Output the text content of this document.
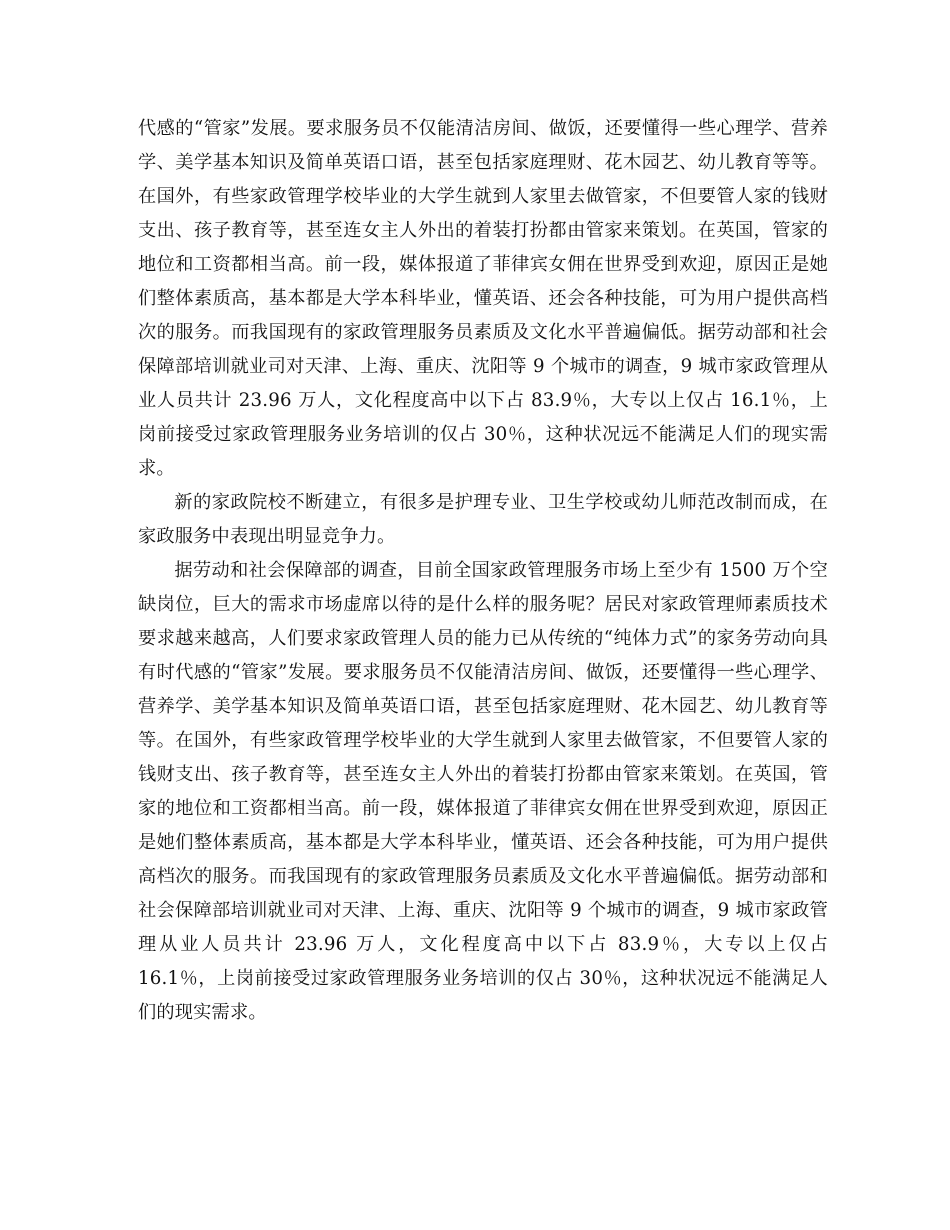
代感的“管家”发展。要求服务员不仅能清洁房间、做饭，还要懂得一些心理学、营养学、美学基本知识及简单英语口语，甚至包括家庭理财、花木园艺、幼儿教育等等。在国外，有些家政管理学校毕业的大学生就到人家里去做管家，不但要管人家的钱财支出、孩子教育等，甚至连女主人外出的着装打扮都由管家来策划。在英国，管家的地位和工资都相当高。前一段，媒体报道了菲律宾女佣在世界受到欢迎，原因正是她们整体素质高，基本都是大学本科毕业，懂英语、还会各种技能，可为用户提供高档次的服务。而我国现有的家政管理服务员素质及文化水平普遍偏低。据劳动部和社会保障部培训就业司对天津、上海、重庆、沈阳等 9 个城市的调查，9 城市家政管理从业人员共计 23.96 万人，文化程度高中以下占 83.9％，大专以上仅占 16.1％，上岗前接受过家政管理服务业务培训的仅占 30％，这种状况远不能满足人们的现实需求。

新的家政院校不断建立，有很多是护理专业、卫生学校或幼儿师范改制而成，在家政服务中表现出明显竞争力。

据劳动和社会保障部的调查，目前全国家政管理服务市场上至少有 1500 万个空缺岗位，巨大的需求市场虚席以待的是什么样的服务呢？居民对家政管理师素质技术要求越来越高，人们要求家政管理人员的能力已从传统的“纯体力式”的家务劳动向具有时代感的“管家”发展。要求服务员不仅能清洁房间、做饭，还要懂得一些心理学、营养学、美学基本知识及简单英语口语，甚至包括家庭理财、花木园艺、幼儿教育等等。在国外，有些家政管理学校毕业的大学生就到人家里去做管家，不但要管人家的钱财支出、孩子教育等，甚至连女主人外出的着装打扮都由管家来策划。在英国，管家的地位和工资都相当高。前一段，媒体报道了菲律宾女佣在世界受到欢迎，原因正是她们整体素质高，基本都是大学本科毕业，懂英语、还会各种技能，可为用户提供高档次的服务。而我国现有的家政管理服务员素质及文化水平普遍偏低。据劳动部和社会保障部培训就业司对天津、上海、重庆、沈阳等 9 个城市的调查，9 城市家政管理从业人员共计 23.96 万人，文化程度高中以下占 83.9％，大专以上仅占 16.1％，上岗前接受过家政管理服务业务培训的仅占 30％，这种状况远不能满足人们的现实需求。
